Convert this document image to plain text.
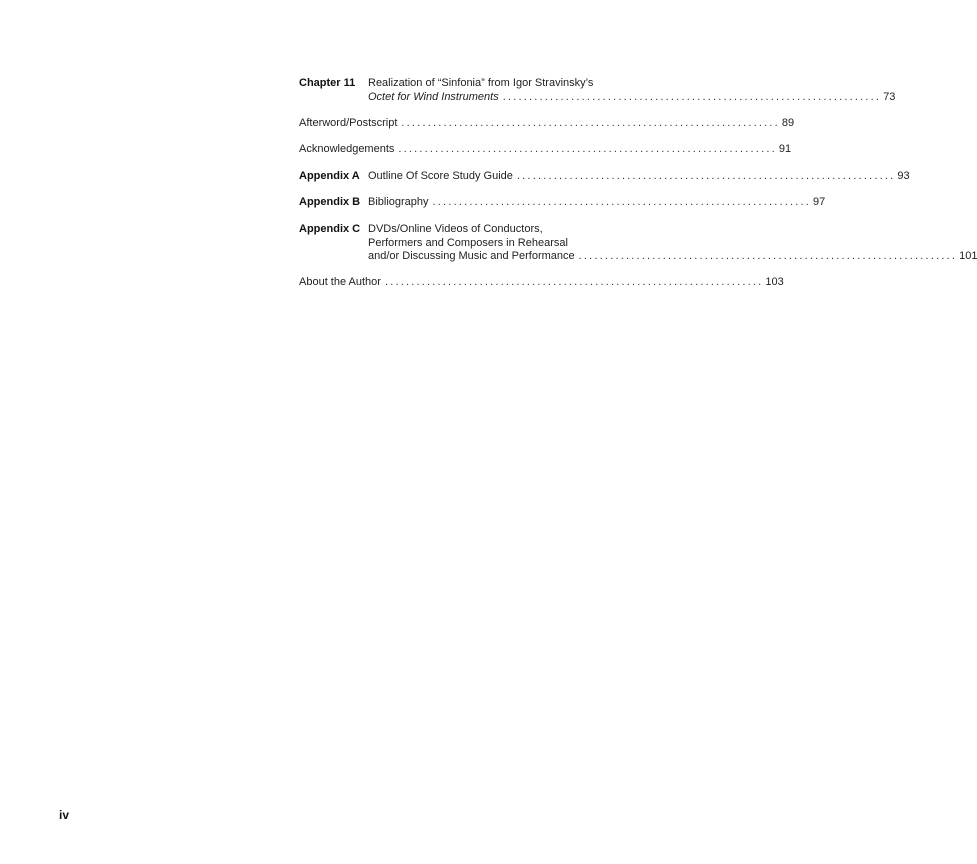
Chapter 11	Realization of “Sinfonia” from Igor Stravinsky’s
Octet for Wind Instruments ........................................................................ 73
Afterword/Postscript ........................................................................ 89
Acknowledgements ........................................................................ 91
Appendix A Outline Of Score Study Guide ........................................................................ 93
Appendix B Bibliography ........................................................................ 97
Appendix C DVDs/Online Videos of Conductors,
Performers and Composers in Rehearsal
and/or Discussing Music and Performance ........................................................................ 101
About the Author ........................................................................ 103
iv
